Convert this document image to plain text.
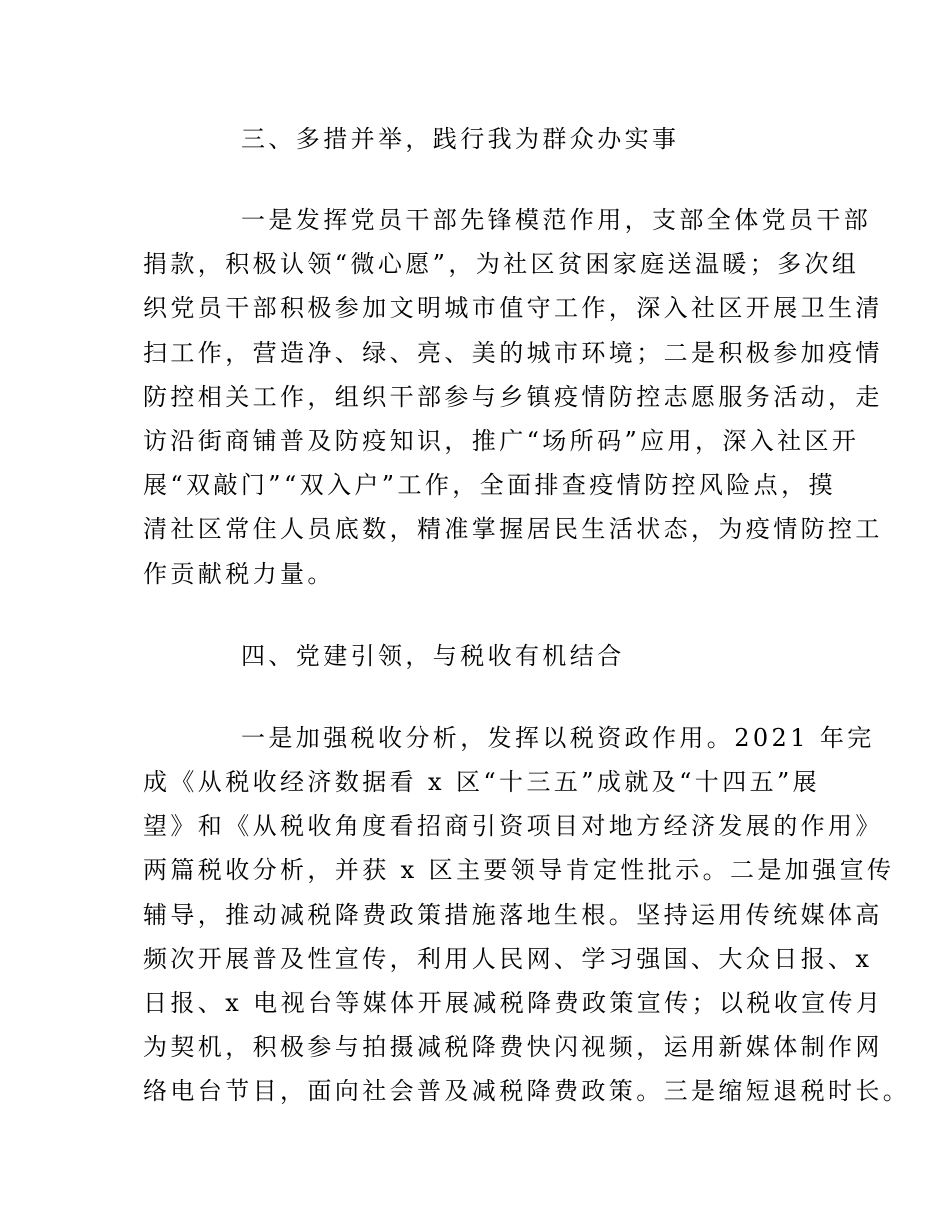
三、多措并举，践行我为群众办实事

一是发挥党员干部先锋模范作用，支部全体党员干部
捐款，积极认领“微心愿”，为社区贫困家庭送温暖；多次组
织党员干部积极参加文明城市值守工作，深入社区开展卫生清
扫工作，营造净、绿、亮、美的城市环境；二是积极参加疫情
防控相关工作，组织干部参与乡镇疫情防控志愿服务活动，走
访沿街商铺普及防疫知识，推广“场所码”应用，深入社区开
展“双敲门”“双入户”工作，全面排查疫情防控风险点，摸
清社区常住人员底数，精准掌握居民生活状态，为疫情防控工
作贡献税力量。

四、党建引领，与税收有机结合

一是加强税收分析，发挥以税资政作用。2021 年完
成《从税收经济数据看 x 区“十三五”成就及“十四五”展
望》和《从税收角度看招商引资项目对地方经济发展的作用》
两篇税收分析，并获 x 区主要领导肯定性批示。二是加强宣传
辅导，推动减税降费政策措施落地生根。坚持运用传统媒体高
频次开展普及性宣传，利用人民网、学习强国、大众日报、x
日报、x 电视台等媒体开展减税降费政策宣传；以税收宣传月
为契机，积极参与拍摄减税降费快闪视频，运用新媒体制作网
络电台节目，面向社会普及减税降费政策。三是缩短退税时长。
